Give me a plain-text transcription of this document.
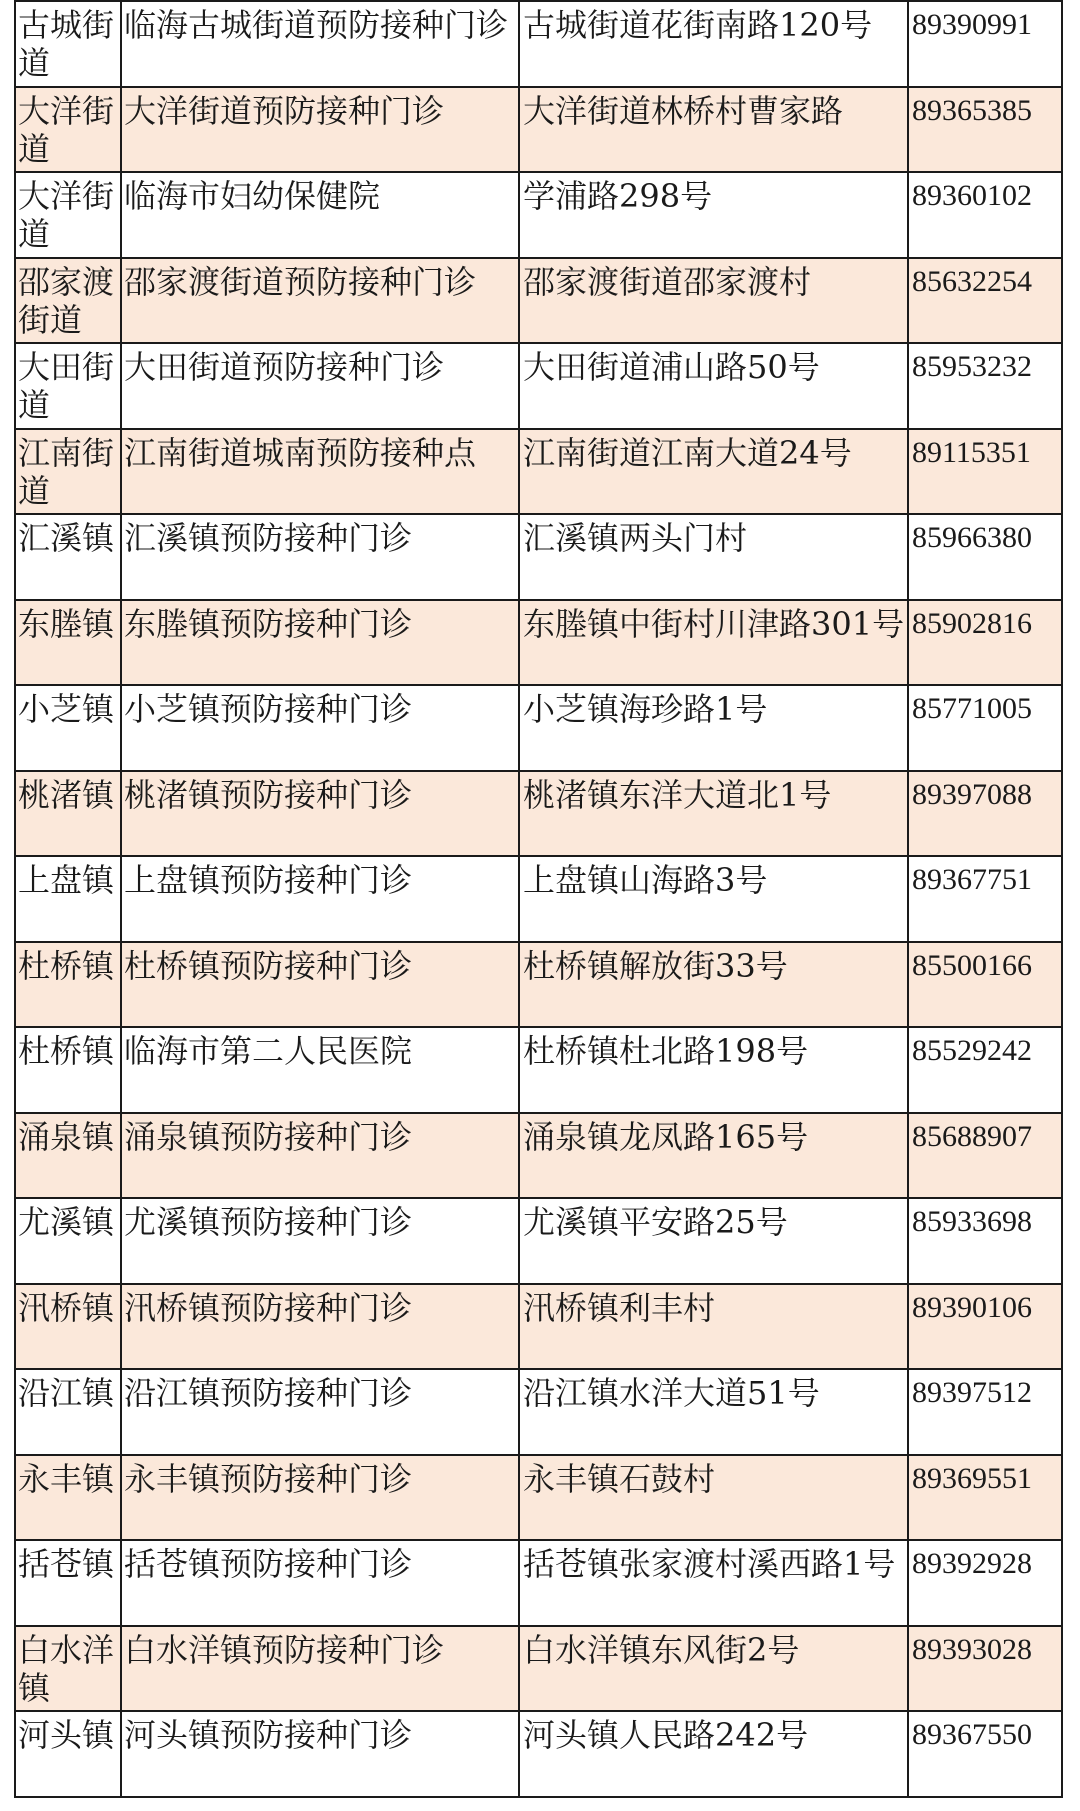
古城街道	临海古城街道预防接种门诊	古城街道花街南路120号	89390991
大洋街道	大洋街道预防接种门诊	大洋街道林桥村曹家路	89365385
大洋街道	临海市妇幼保健院	学浦路298号	89360102
邵家渡街道	邵家渡街道预防接种门诊	邵家渡街道邵家渡村	85632254
大田街道	大田街道预防接种门诊	大田街道浦山路50号	85953232
江南街道	江南街道城南预防接种点	江南街道江南大道24号	89115351
汇溪镇	汇溪镇预防接种门诊	汇溪镇两头门村	85966380
东塍镇	东塍镇预防接种门诊	东塍镇中街村川津路301号	85902816
小芝镇	小芝镇预防接种门诊	小芝镇海珍路1号	85771005
桃渚镇	桃渚镇预防接种门诊	桃渚镇东洋大道北1号	89397088
上盘镇	上盘镇预防接种门诊	上盘镇山海路3号	89367751
杜桥镇	杜桥镇预防接种门诊	杜桥镇解放街33号	85500166
杜桥镇	临海市第二人民医院	杜桥镇杜北路198号	85529242
涌泉镇	涌泉镇预防接种门诊	涌泉镇龙凤路165号	85688907
尤溪镇	尤溪镇预防接种门诊	尤溪镇平安路25号	85933698
汛桥镇	汛桥镇预防接种门诊	汛桥镇利丰村	89390106
沿江镇	沿江镇预防接种门诊	沿江镇水洋大道51号	89397512
永丰镇	永丰镇预防接种门诊	永丰镇石鼓村	89369551
括苍镇	括苍镇预防接种门诊	括苍镇张家渡村溪西路1号	89392928
白水洋镇	白水洋镇预防接种门诊	白水洋镇东风街2号	89393028
河头镇	河头镇预防接种门诊	河头镇人民路242号	89367550
